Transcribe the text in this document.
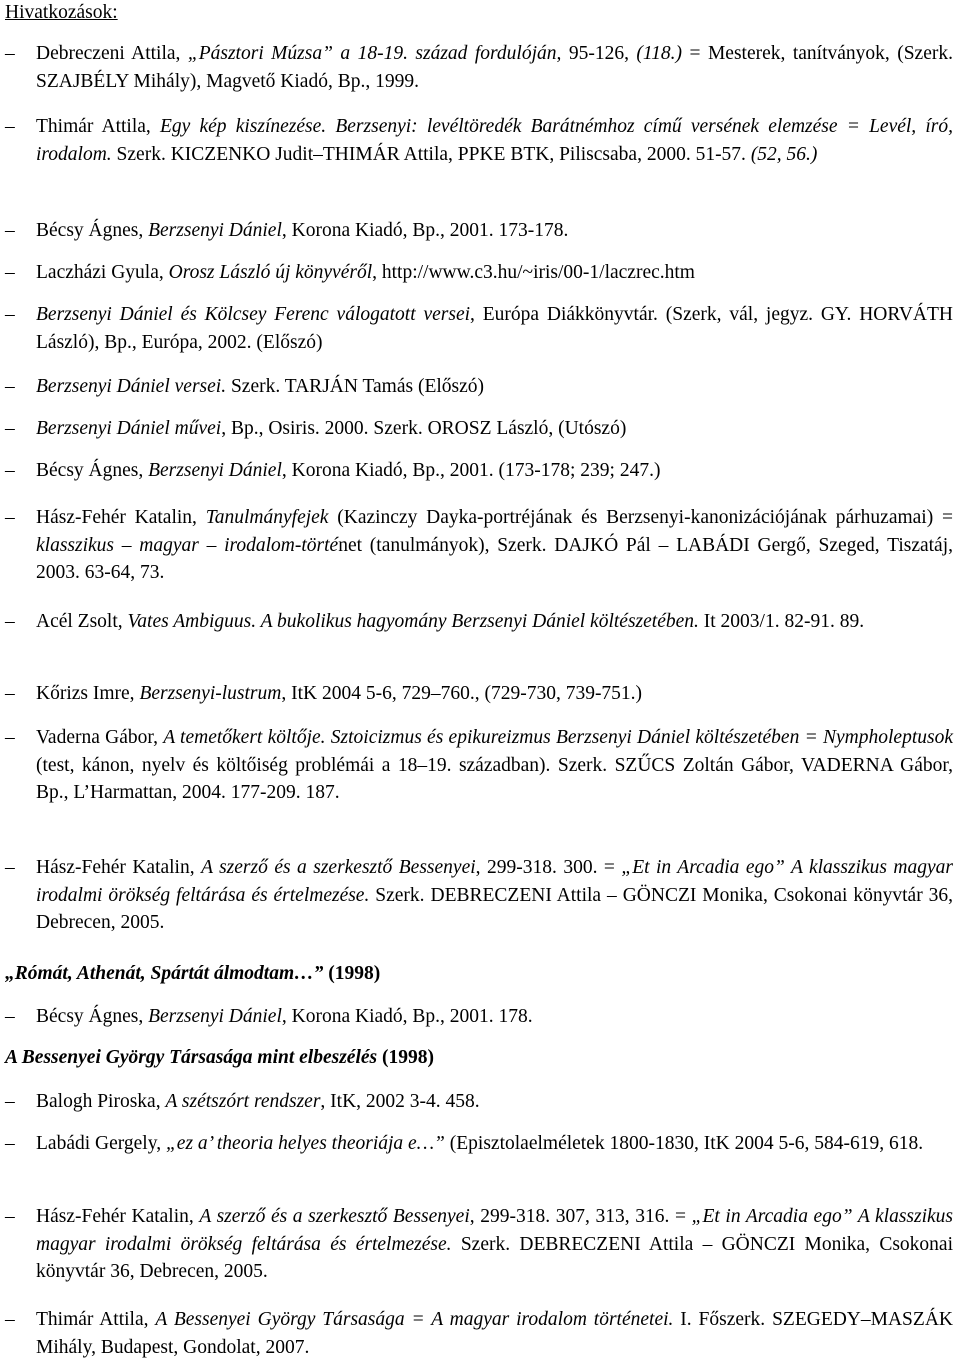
Hivatkozások:
– Debreczeni Attila, „Pásztori Múzsa” a 18-19. század fordulóján, 95-126, (118.) = Mesterek, tanítványok, (Szerk. SZAJBÉLY Mihály), Magvető Kiadó, Bp., 1999.
– Thimár Attila, Egy kép kiszínezése. Berzsenyi: levéltöredék Barátnémhoz című versének elemzése = Levél, író, irodalom. Szerk. KICZENKO Judit–THIMÁR Attila, PPKE BTK, Piliscsaba, 2000. 51-57. (52, 56.)
– Bécsy Ágnes, Berzsenyi Dániel, Korona Kiadó, Bp., 2001. 173-178.
– Laczházi Gyula, Orosz László új könyvéről, http://www.c3.hu/~iris/00-1/laczrec.htm
– Berzsenyi Dániel és Kölcsey Ferenc válogatott versei, Európa Diákkönyvtár. (Szerk, vál, jegyz. GY. HORVÁTH László), Bp., Európa, 2002. (Előszó)
– Berzsenyi Dániel versei. Szerk. TARJÁN Tamás (Előszó)
– Berzsenyi Dániel művei, Bp., Osiris. 2000. Szerk. OROSZ László, (Utószó)
– Bécsy Ágnes, Berzsenyi Dániel, Korona Kiadó, Bp., 2001. (173-178; 239; 247.)
– Hász-Fehér Katalin, Tanulmányfejek (Kazinczy Dayka-portréjának és Berzsenyi-kanonizációjának párhuzamai) = klasszikus – magyar – irodalom-történet (tanulmányok), Szerk. DAJKÓ Pál – LABÁDI Gergő, Szeged, Tiszatáj, 2003. 63-64, 73.
– Acél Zsolt, Vates Ambiguus. A bukolikus hagyomány Berzsenyi Dániel költészetében. It 2003/1. 82-91. 89.
– Kőrizs Imre, Berzsenyi-lustrum, ItK 2004 5-6, 729–760., (729-730, 739-751.)
– Vaderna Gábor, A temetőkert költője. Sztoicizmus és epikureizmus Berzsenyi Dániel költészetében = Nympholeptusok (test, kánon, nyelv és költőiség problémái a 18–19. században). Szerk. SZŰCS Zoltán Gábor, VADERNA Gábor, Bp., L’Harmattan, 2004. 177-209. 187.
– Hász-Fehér Katalin, A szerző és a szerkesztő Bessenyei, 299-318. 300. = „Et in Arcadia ego” A klasszikus magyar irodalmi örökség feltárása és értelmezése. Szerk. DEBRECZENI Attila – GÖNCZI Monika, Csokonai könyvtár 36, Debrecen, 2005.
„Rómát, Athenát, Spártát álmodtam…” (1998)
– Bécsy Ágnes, Berzsenyi Dániel, Korona Kiadó, Bp., 2001. 178.
A Bessenyei György Társasága mint elbeszélés (1998)
– Balogh Piroska, A szétszórt rendszer, ItK, 2002 3-4. 458.
– Labádi Gergely, „ez a’ theoria helyes theoriája e…” (Episztolaelméletek 1800-1830, ItK 2004 5-6, 584-619, 618.
– Hász-Fehér Katalin, A szerző és a szerkesztő Bessenyei, 299-318. 307, 313, 316. = „Et in Arcadia ego” A klasszikus magyar irodalmi örökség feltárása és értelmezése. Szerk. DEBRECZENI Attila – GÖNCZI Monika, Csokonai könyvtár 36, Debrecen, 2005.
– Thimár Attila, A Bessenyei György Társasága = A magyar irodalom történetei. I. Főszerk. SZEGEDY–MASZÁK Mihály, Budapest, Gondolat, 2007.
